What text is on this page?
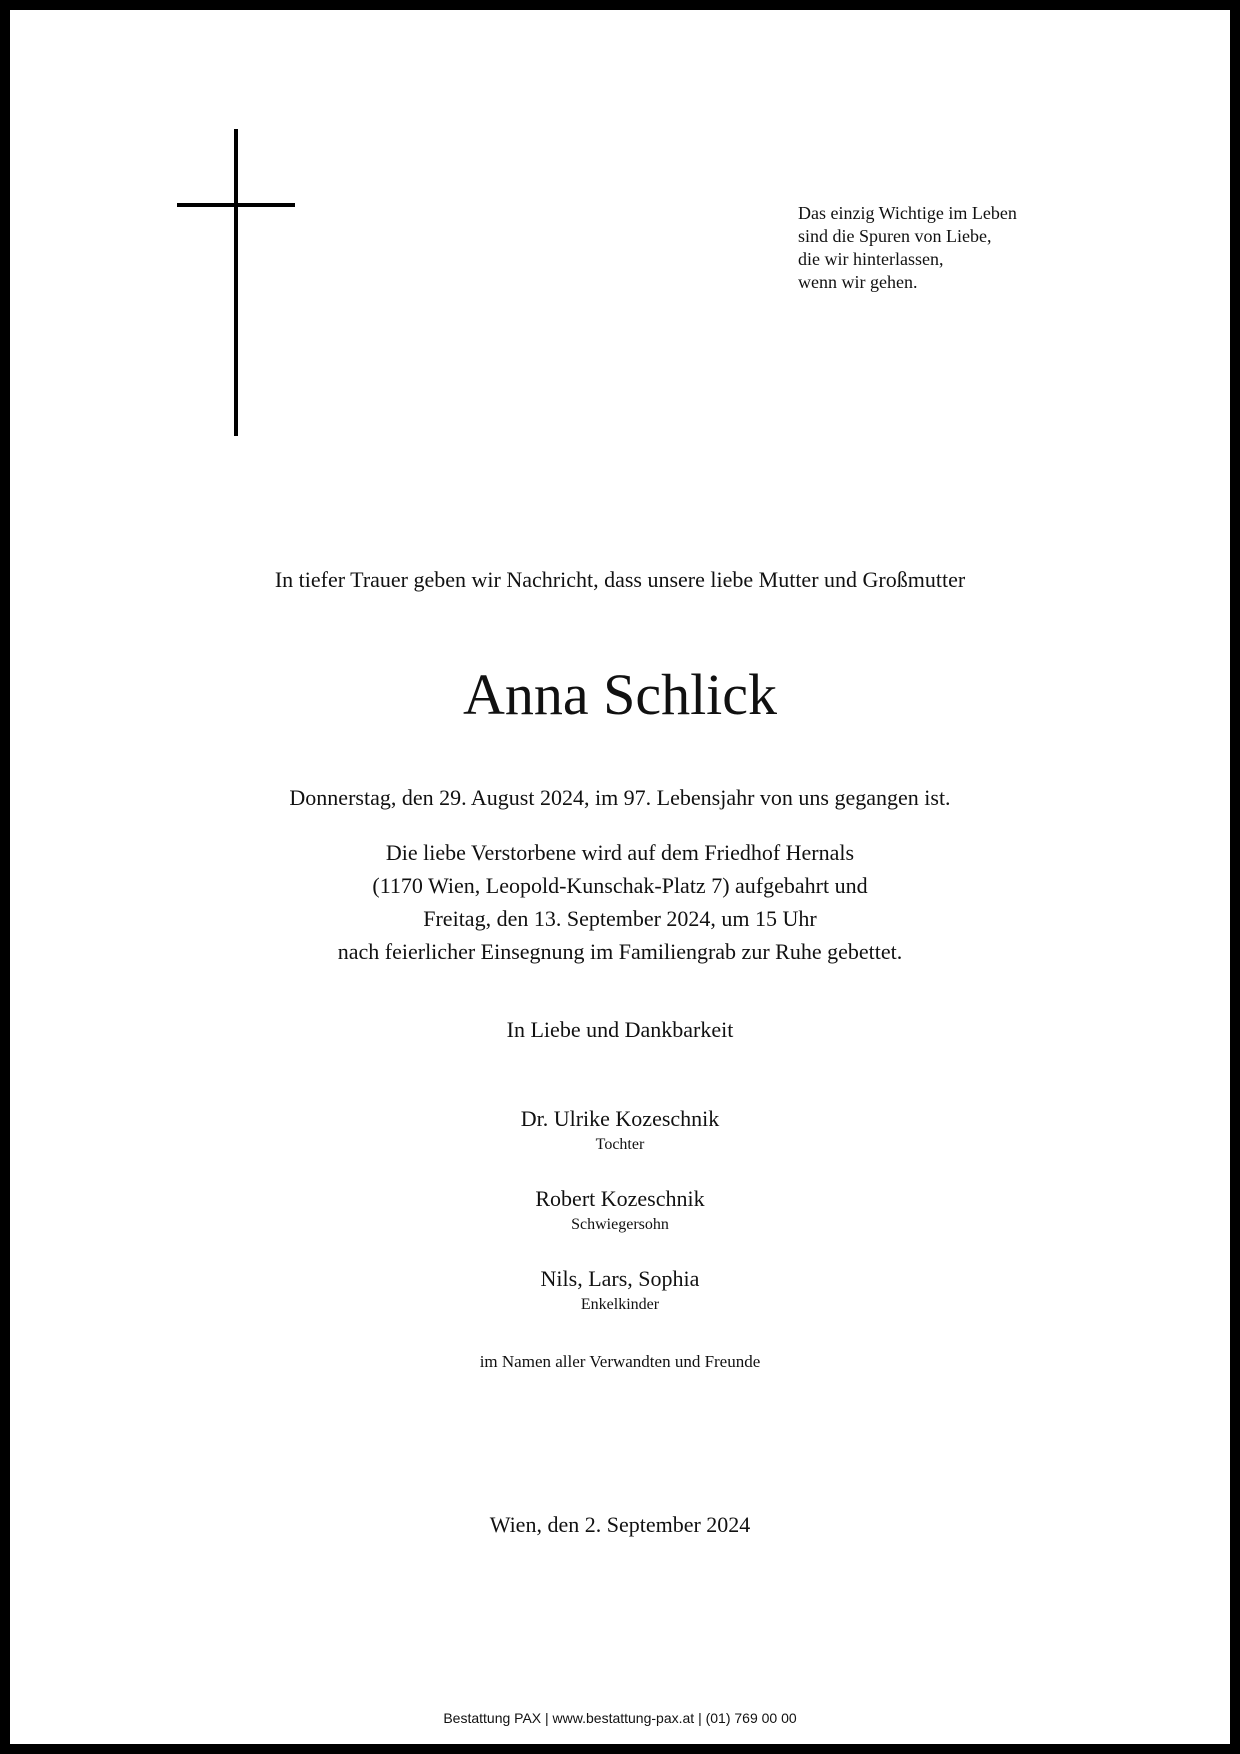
Das einzig Wichtige im Leben
sind die Spuren von Liebe,
die wir hinterlassen,
wenn wir gehen.
In tiefer Trauer geben wir Nachricht, dass unsere liebe Mutter und Großmutter
Anna Schlick
Donnerstag, den 29. August 2024, im 97. Lebensjahr von uns gegangen ist.
Die liebe Verstorbene wird auf dem Friedhof Hernals
(1170 Wien, Leopold-Kunschak-Platz 7) aufgebahrt und
Freitag, den 13. September 2024, um 15 Uhr
nach feierlicher Einsegnung im Familiengrab zur Ruhe gebettet.
In Liebe und Dankbarkeit
Dr. Ulrike Kozeschnik
Tochter
Robert Kozeschnik
Schwiegersohn
Nils, Lars, Sophia
Enkelkinder
im Namen aller Verwandten und Freunde
Wien, den 2. September 2024
Bestattung PAX | www.bestattung-pax.at | (01) 769 00 00
